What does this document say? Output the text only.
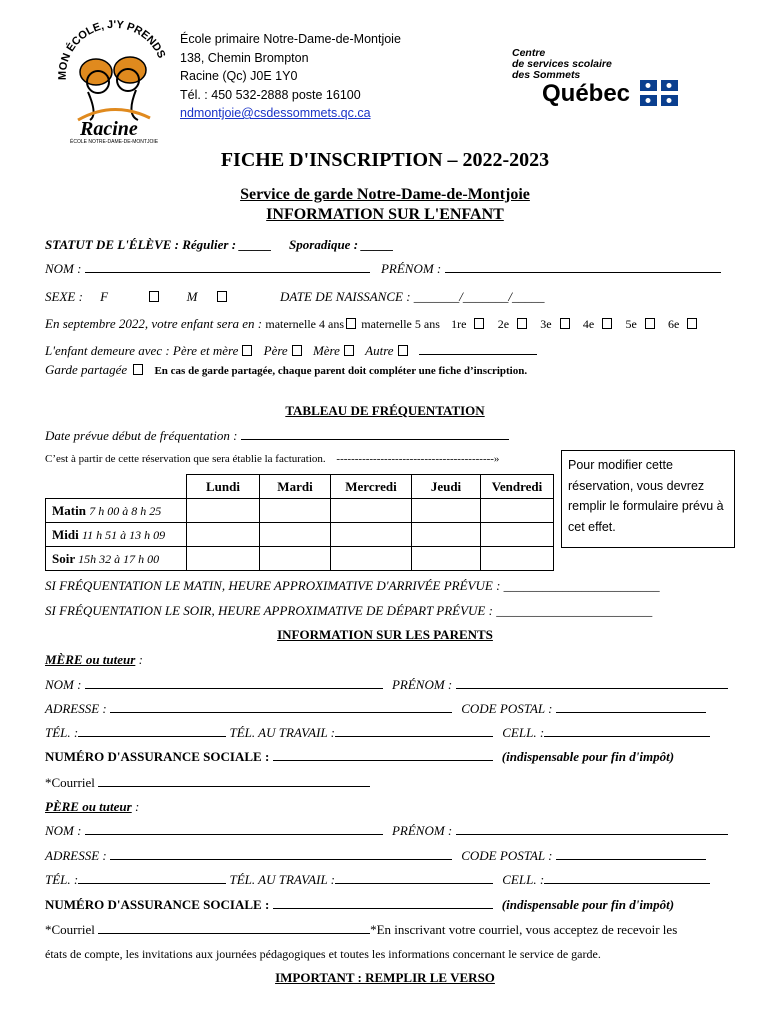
ON ÉCOLE, J'Y PRENDS
Racine
ÉCOLE NOTRE-DAME-DE-MONTJOIE
École primaire Notre-Dame-de-Montjoie
138, Chemin Brompton
Racine (Qc) J0E 1Y0
Tél. : 450 532-2888 poste 16100
ndmontjoie@csdessommets.qc.ca
Centre
de services scolaire
des Sommets
Québec
FICHE D'INSCRIPTION – 2022-2023
Service de garde Notre-Dame-de-Montjoie
INFORMATION SUR L'ENFANT
STATUT DE L'ÉLÈVE : Régulier : _____ Sporadique : _____
NOM :	PRÉNOM :
SEXE : F	M	DATE DE NAISSANCE : _______/_______/_____
En septembre 2022, votre enfant sera en : maternelle 4 ans maternelle 5 ans 1re	2e	3e	4e	5e	6e
L'enfant demeure avec : Père et mère Père Mère Autre
Garde partagée En cas de garde partagée, chaque parent doit compléter une fiche d’inscription.
TABLEAU DE FRÉQUENTATION
Date prévue début de fréquentation :
C’est à partir de cette réservation que sera établie la facturation. -------------------------------------------»	Pour modifier cette réservation, vous devrez remplir le formulaire prévu à cet effet.
	Lundi	Mardi	Mercredi	Jeudi	Vendredi
Matin 7 h 00 à 8 h 25					
Midi 11 h 51 à 13 h 09					
Soir 15h 32 à 17 h 00					
SI FRÉQUENTATION LE MATIN, HEURE APPROXIMATIVE D'ARRIVÉE PRÉVUE : ________________________
SI FRÉQUENTATION LE SOIR, HEURE APPROXIMATIVE DE DÉPART PRÉVUE : ________________________
INFORMATION SUR LES PARENTS
MÈRE ou tuteur :
NOM :	PRÉNOM :
ADRESSE :	CODE POSTAL :
TÉL. :	TÉL. AU TRAVAIL :	CELL. :
NUMÉRO D'ASSURANCE SOCIALE :	(indispensable pour fin d'impôt)
*Courriel
PÈRE ou tuteur :
NOM :	PRÉNOM :
ADRESSE :	CODE POSTAL :
TÉL. :	TÉL. AU TRAVAIL :	CELL. :
NUMÉRO D'ASSURANCE SOCIALE :	(indispensable pour fin d'impôt)
*Courriel	*En inscrivant votre courriel, vous acceptez de recevoir les
états de compte, les invitations aux journées pédagogiques et toutes les informations concernant le service de garde.
IMPORTANT : REMPLIR LE VERSO
